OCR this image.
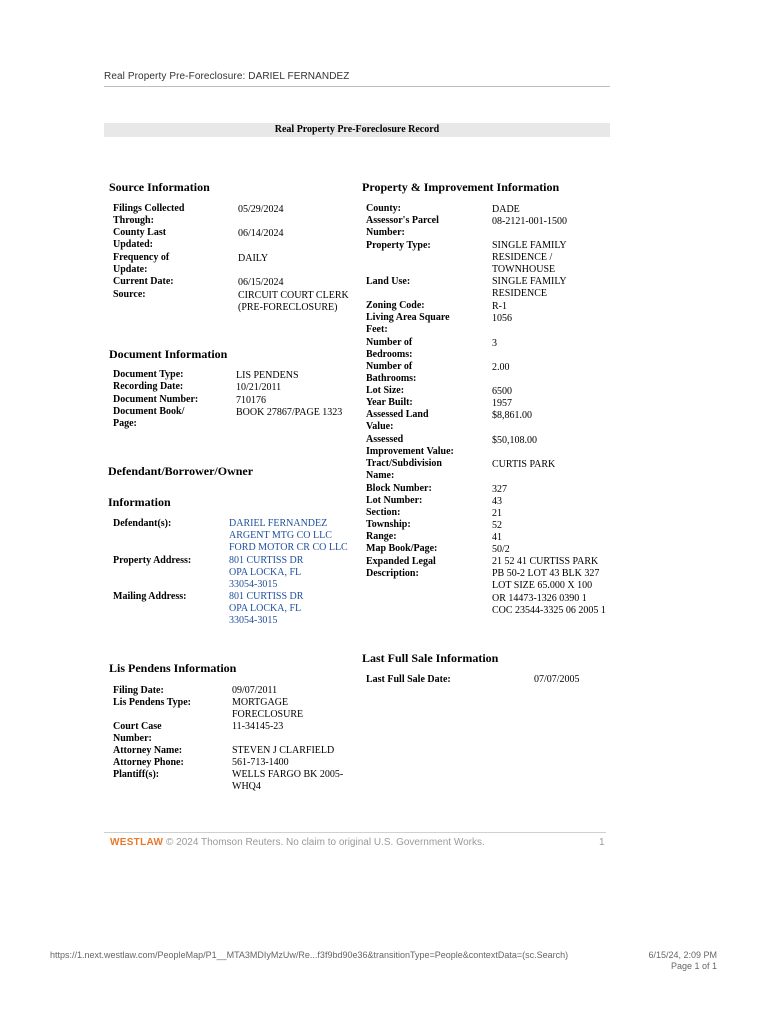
Real Property Pre-Foreclosure: DARIEL FERNANDEZ
Real Property Pre-Foreclosure Record
Source Information
Filings Collected
Through:
05/29/2024
County Last
Updated:
06/14/2024
Frequency of
Update:
DAILY
Current Date:	06/15/2024
Source:	CIRCUIT COURT CLERK
(PRE-FORECLOSURE)
Document Information
Document Type:	LIS PENDENS
Recording Date:	10/21/2011
Document Number:	710176
Document Book/
Page:
BOOK 27867/PAGE 1323
Defendant/Borrower/Owner
Information
Defendant(s):	DARIEL FERNANDEZ
ARGENT MTG CO LLC
FORD MOTOR CR CO LLC
Property Address:	801 CURTISS DR
OPA LOCKA, FL
33054-3015
Mailing Address:	801 CURTISS DR
OPA LOCKA, FL
33054-3015
Lis Pendens Information
Filing Date:	09/07/2011
Lis Pendens Type:	MORTGAGE
FORECLOSURE
Court Case
Number:
11-34145-23
Attorney Name:	STEVEN J CLARFIELD
Attorney Phone:	561-713-1400
Plantiff(s):	WELLS FARGO BK 2005-
WHQ4
Property & Improvement Information
County:	DADE
Assessor's Parcel
Number:
08-2121-001-1500
Property Type:	SINGLE FAMILY
RESIDENCE /
TOWNHOUSE
Land Use:	SINGLE FAMILY
RESIDENCE
Zoning Code:	R-1
Living Area Square
Feet:
1056
Number of
Bedrooms:
3
Number of
Bathrooms:
2.00
Lot Size:	6500
Year Built:	1957
Assessed Land
Value:
$8,861.00
Assessed
Improvement Value:
$50,108.00
Tract/Subdivision
Name:
CURTIS PARK
Block Number:	327
Lot Number:	43
Section:	21
Township:	52
Range:	41
Map Book/Page:	50/2
Expanded Legal
Description:
21 52 41 CURTISS PARK
PB 50-2 LOT 43 BLK 327
LOT SIZE 65.000 X 100
OR 14473-1326 0390 1
COC 23544-3325 06 2005 1
Last Full Sale Information
Last Full Sale Date:	07/07/2005
WESTLAW © 2024 Thomson Reuters. No claim to original U.S. Government Works.	1
https://1.next.westlaw.com/PeopleMap/P1__MTA3MDIyMzUw/Re...f3f9bd90e36&transitionType=People&contextData=(sc.Search)	6/15/24, 2:09 PM
Page 1 of 1
